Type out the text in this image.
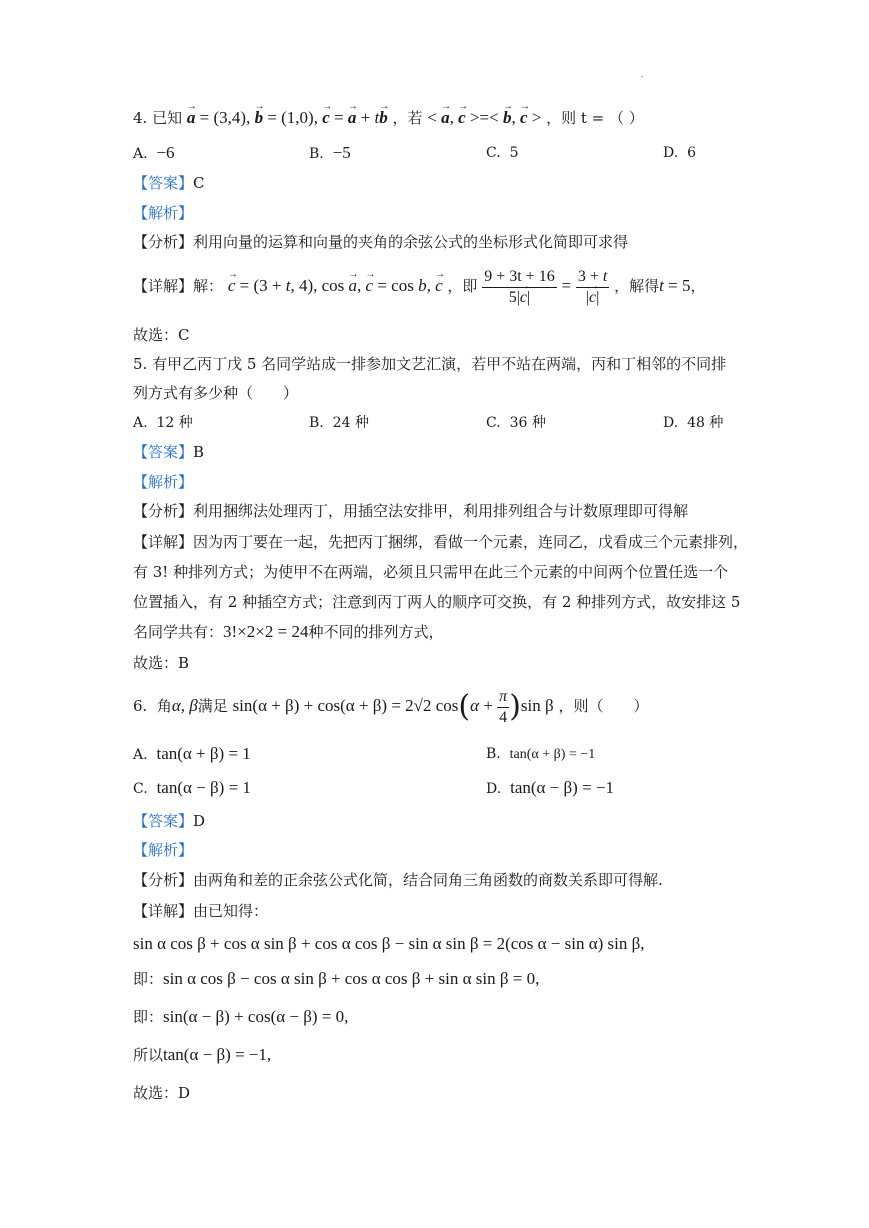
.
4. 已知 → a = (3,4), → b = (1,0), → c = → a + t→ b ，若 < → a, → c >=< → b, → c > ，则 t = （ ）
A. −6	B. −5	C. 5	D. 6
【答案】C
【解析】
【分析】利用向量的运算和向量的夹角的余弦公式的坐标形式化简即可求得
【详解】解： → c = (3 + t, 4), cos → a, → c = cos b, → c ，即 $\frac{9 + 3t + 16}{5|\to c|} = \frac{3 + t}{|\to c|}$ ，解得t = 5，
故选：C
5. 有甲乙丙丁戊 5 名同学站成一排参加文艺汇演，若甲不站在两端，丙和丁相邻的不同排
列方式有多少种（　　）
A. 12 种	B. 24 种	C. 36 种	D. 48 种
【答案】B
【解析】
【分析】利用捆绑法处理丙丁，用插空法安排甲，利用排列组合与计数原理即可得解
【详解】因为丙丁要在一起，先把丙丁捆绑，看做一个元素，连同乙，戊看成三个元素排列，
有 3! 种排列方式；为使甲不在两端，必须且只需甲在此三个元素的中间两个位置任选一个
位置插入，有 2 种插空方式；注意到丙丁两人的顺序可交换，有 2 种排列方式，故安排这 5
名同学共有：3!×2×2 = 24种不同的排列方式，
故选：B
6. 角α, β满足 sin(α + β) + cos(α + β) = 2√2 $\cos(\alpha + \frac{\pi}{4} )\sin$ β ，则（　　）
A. tan(α + β) = 1	B. tan(α + β) = −1
C. tan(α − β) = 1	D. tan(α − β) = −1
【答案】D
【解析】
【分析】由两角和差的正余弦公式化简，结合同角三角函数的商数关系即可得解.
【详解】由已知得：
sin α cos β + cos α sin β + cos α cos β − sin α sin β = 2(cos α − sin α) sin β,
即：sin α cos β − cos α sin β + cos α cos β + sin α sin β = 0,
即：sin(α − β) + cos(α − β) = 0,
所以tan(α − β) = −1,
故选：D
